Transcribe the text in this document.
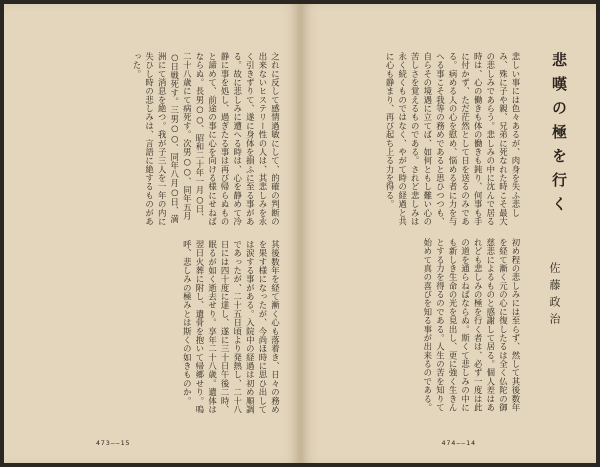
之れに反して感情過敏にして、的確の判断の出来ないヒステリー性の人は、其悲しみを永く引きずりて、遂に身体を損ふに至る事がある。故に悲しみに遭へる時は、心を静めて冷静に事を処し、過ぎたる事は再び帰らぬものと諦めて、前途の事に心を向ける様にせねばならぬ。長男○○、昭和二十年一月○日、二十八歳にて病死す。次男○○、同年五月○日戦死す。三男○○、同年八月○日、満洲にて消息を絶つ。我が子三人を一年の内に失ひし時の悲しみは、言語に絶するものがあった。

其後数年を経て漸く心も落着き、日々の務めを果す様になったが、今尚ほ時に思ひ出しては涙する事がある。入院中の経過は初め順調であったが、二十五日頃より発熱し、二十八日には四十度に達し、遂に三十日午後二時、眠るが如く逝去せり。享年二十八歳。遺体は翌日火葬に附し、遺骨を抱いて帰郷せり。嗚呼、悲しみの極みとは斯くの如きものか。

473——15
悲嘆の極を行く
佐藤政治

悲しい事には色々あるが、肉身を失ふ悲しみ、殊に子や親、兄弟に死なれた時こそ最大の悲しみであらう。悲しみの中に沈んで居る時は、心の働きも体の働きも鈍り、何事も手に付かず、ただ茫然として日を送るのみである。病める人の心を慰め、悩める者に力を与へる事こそ我等の務めであると思ひつつも、自らその境遇に立てば、如何ともし難い心の苦しさを覚えるものである。されど悲しみは永く続くものではなく、やがて時の経過と共に心も静まり、再び起ち上る力を得る。

初め程の悲しみには至らず、然して其後数年を経て漸く元の心に復したるは全く仏陀の御慈悲によるものと感謝して居る。個人差はあれども悲しみの極を行く者は、必ず一度は此の道を通らねばならぬ。斯くて悲しみの中にも新しき生命の光を見出し、更に強く生きんとする力を得るのである。人生の苦を知りて始めて真の喜びを知る事が出来るのである。

474——14
